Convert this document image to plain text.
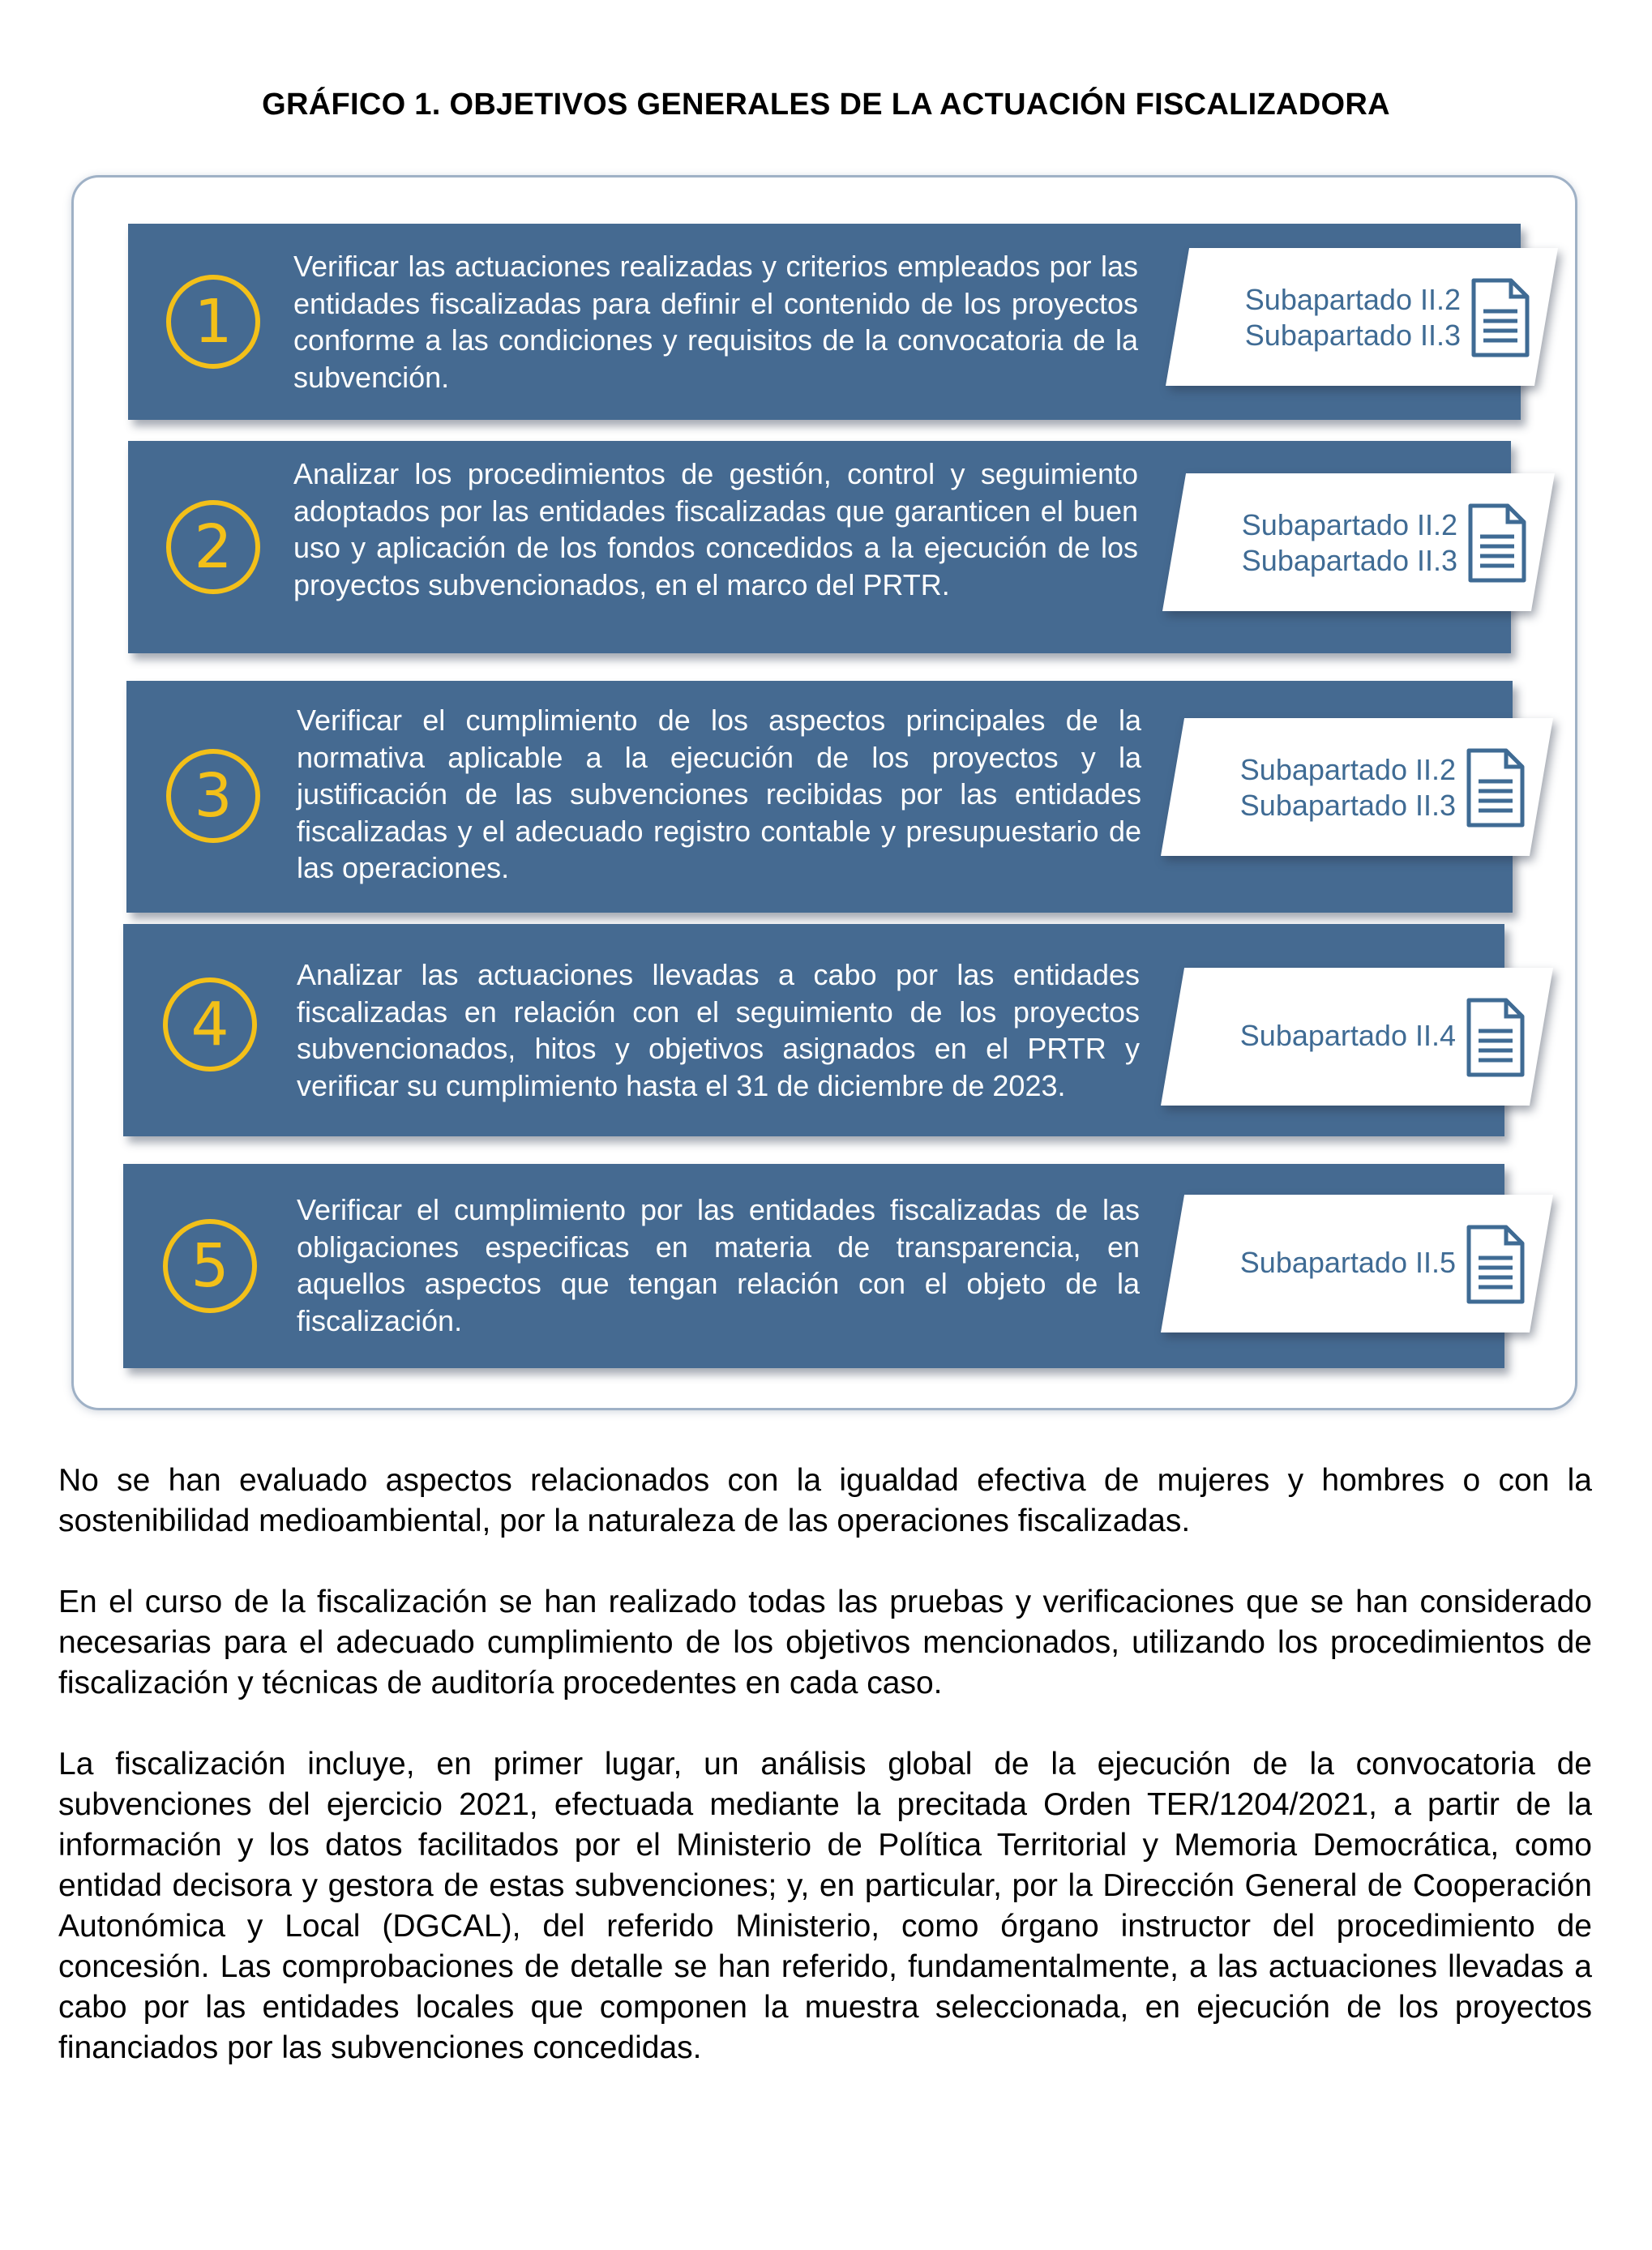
GRÁFICO 1. OBJETIVOS GENERALES DE LA ACTUACIÓN FISCALIZADORA
1
Verificar las actuaciones realizadas y criterios empleados por las entidades fiscalizadas para definir el contenido de los proyectos conforme a las condiciones y requisitos de la convocatoria de la subvención.
Subapartado II.2
Subapartado II.3
2
Analizar los procedimientos de gestión, control y seguimiento adoptados por las entidades fiscalizadas que garanticen el buen uso y aplicación de los fondos concedidos a la ejecución de los proyectos subvencionados, en el marco del PRTR.
Subapartado II.2
Subapartado II.3
3
Verificar el cumplimiento de los aspectos principales de la normativa aplicable a la ejecución de los proyectos y la justificación de las subvenciones recibidas por las entidades fiscalizadas y el adecuado registro contable y presupuestario de las operaciones.
Subapartado II.2
Subapartado II.3
4
Analizar las actuaciones llevadas a cabo por las entidades fiscalizadas en relación con el seguimiento de los proyectos subvencionados, hitos y objetivos asignados en el PRTR y verificar su cumplimiento hasta el 31 de diciembre de 2023.
Subapartado II.4
5
Verificar el cumplimiento por las entidades fiscalizadas de las obligaciones especificas en materia de transparencia, en aquellos aspectos que tengan relación con el objeto de la fiscalización.
Subapartado II.5

No se han evaluado aspectos relacionados con la igualdad efectiva de mujeres y hombres o con la sostenibilidad medioambiental, por la naturaleza de las operaciones fiscalizadas.

En el curso de la fiscalización se han realizado todas las pruebas y verificaciones que se han considerado necesarias para el adecuado cumplimiento de los objetivos mencionados, utilizando los procedimientos de fiscalización y técnicas de auditoría procedentes en cada caso.

La fiscalización incluye, en primer lugar, un análisis global de la ejecución de la convocatoria de subvenciones del ejercicio 2021, efectuada mediante la precitada Orden TER/1204/2021, a partir de la información y los datos facilitados por el Ministerio de Política Territorial y Memoria Democrática, como entidad decisora y gestora de estas subvenciones; y, en particular, por la Dirección General de Cooperación Autonómica y Local (DGCAL), del referido Ministerio, como órgano instructor del procedimiento de concesión. Las comprobaciones de detalle se han referido, fundamentalmente, a las actuaciones llevadas a cabo por las entidades locales que componen la muestra seleccionada, en ejecución de los proyectos financiados por las subvenciones concedidas.
